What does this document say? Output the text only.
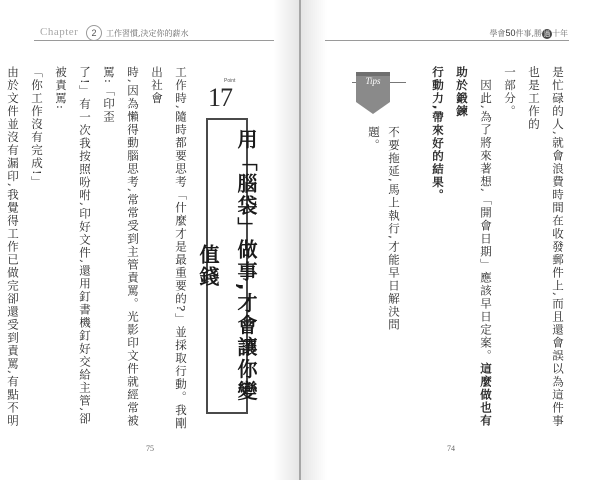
Chapter	2	工作習慣,決定你的薪水

工作時,隨時都要思考「什麼才是最重要的?」並採取行動。我剛出社會

時,因為懶得動腦思考,常常受到主管責罵。光影印文件就經常被罵:「印歪

了!」有一次我按照吩咐,印好文件,還用釘書機釘好交給主管,卻被責罵:

「你工作沒有完成!」

由於文件並沒有漏印,我覺得工作已做完卻還受到責罵,有點不明

Point
17
用「腦袋」做事,才會讓你變值錢
75
學會50件事,勝 過 十年

是忙碌的人,就會浪費時間在收發郵件上,而且還會誤以為這件事也是工作的

一部分。

　因此,為了將來著想,「開會日期」應該早日定案。這麼做也有助於鍛鍊

行動力,帶來好的結果。

Tips
不要拖延,馬上執行,才能早日解決問題。
74
